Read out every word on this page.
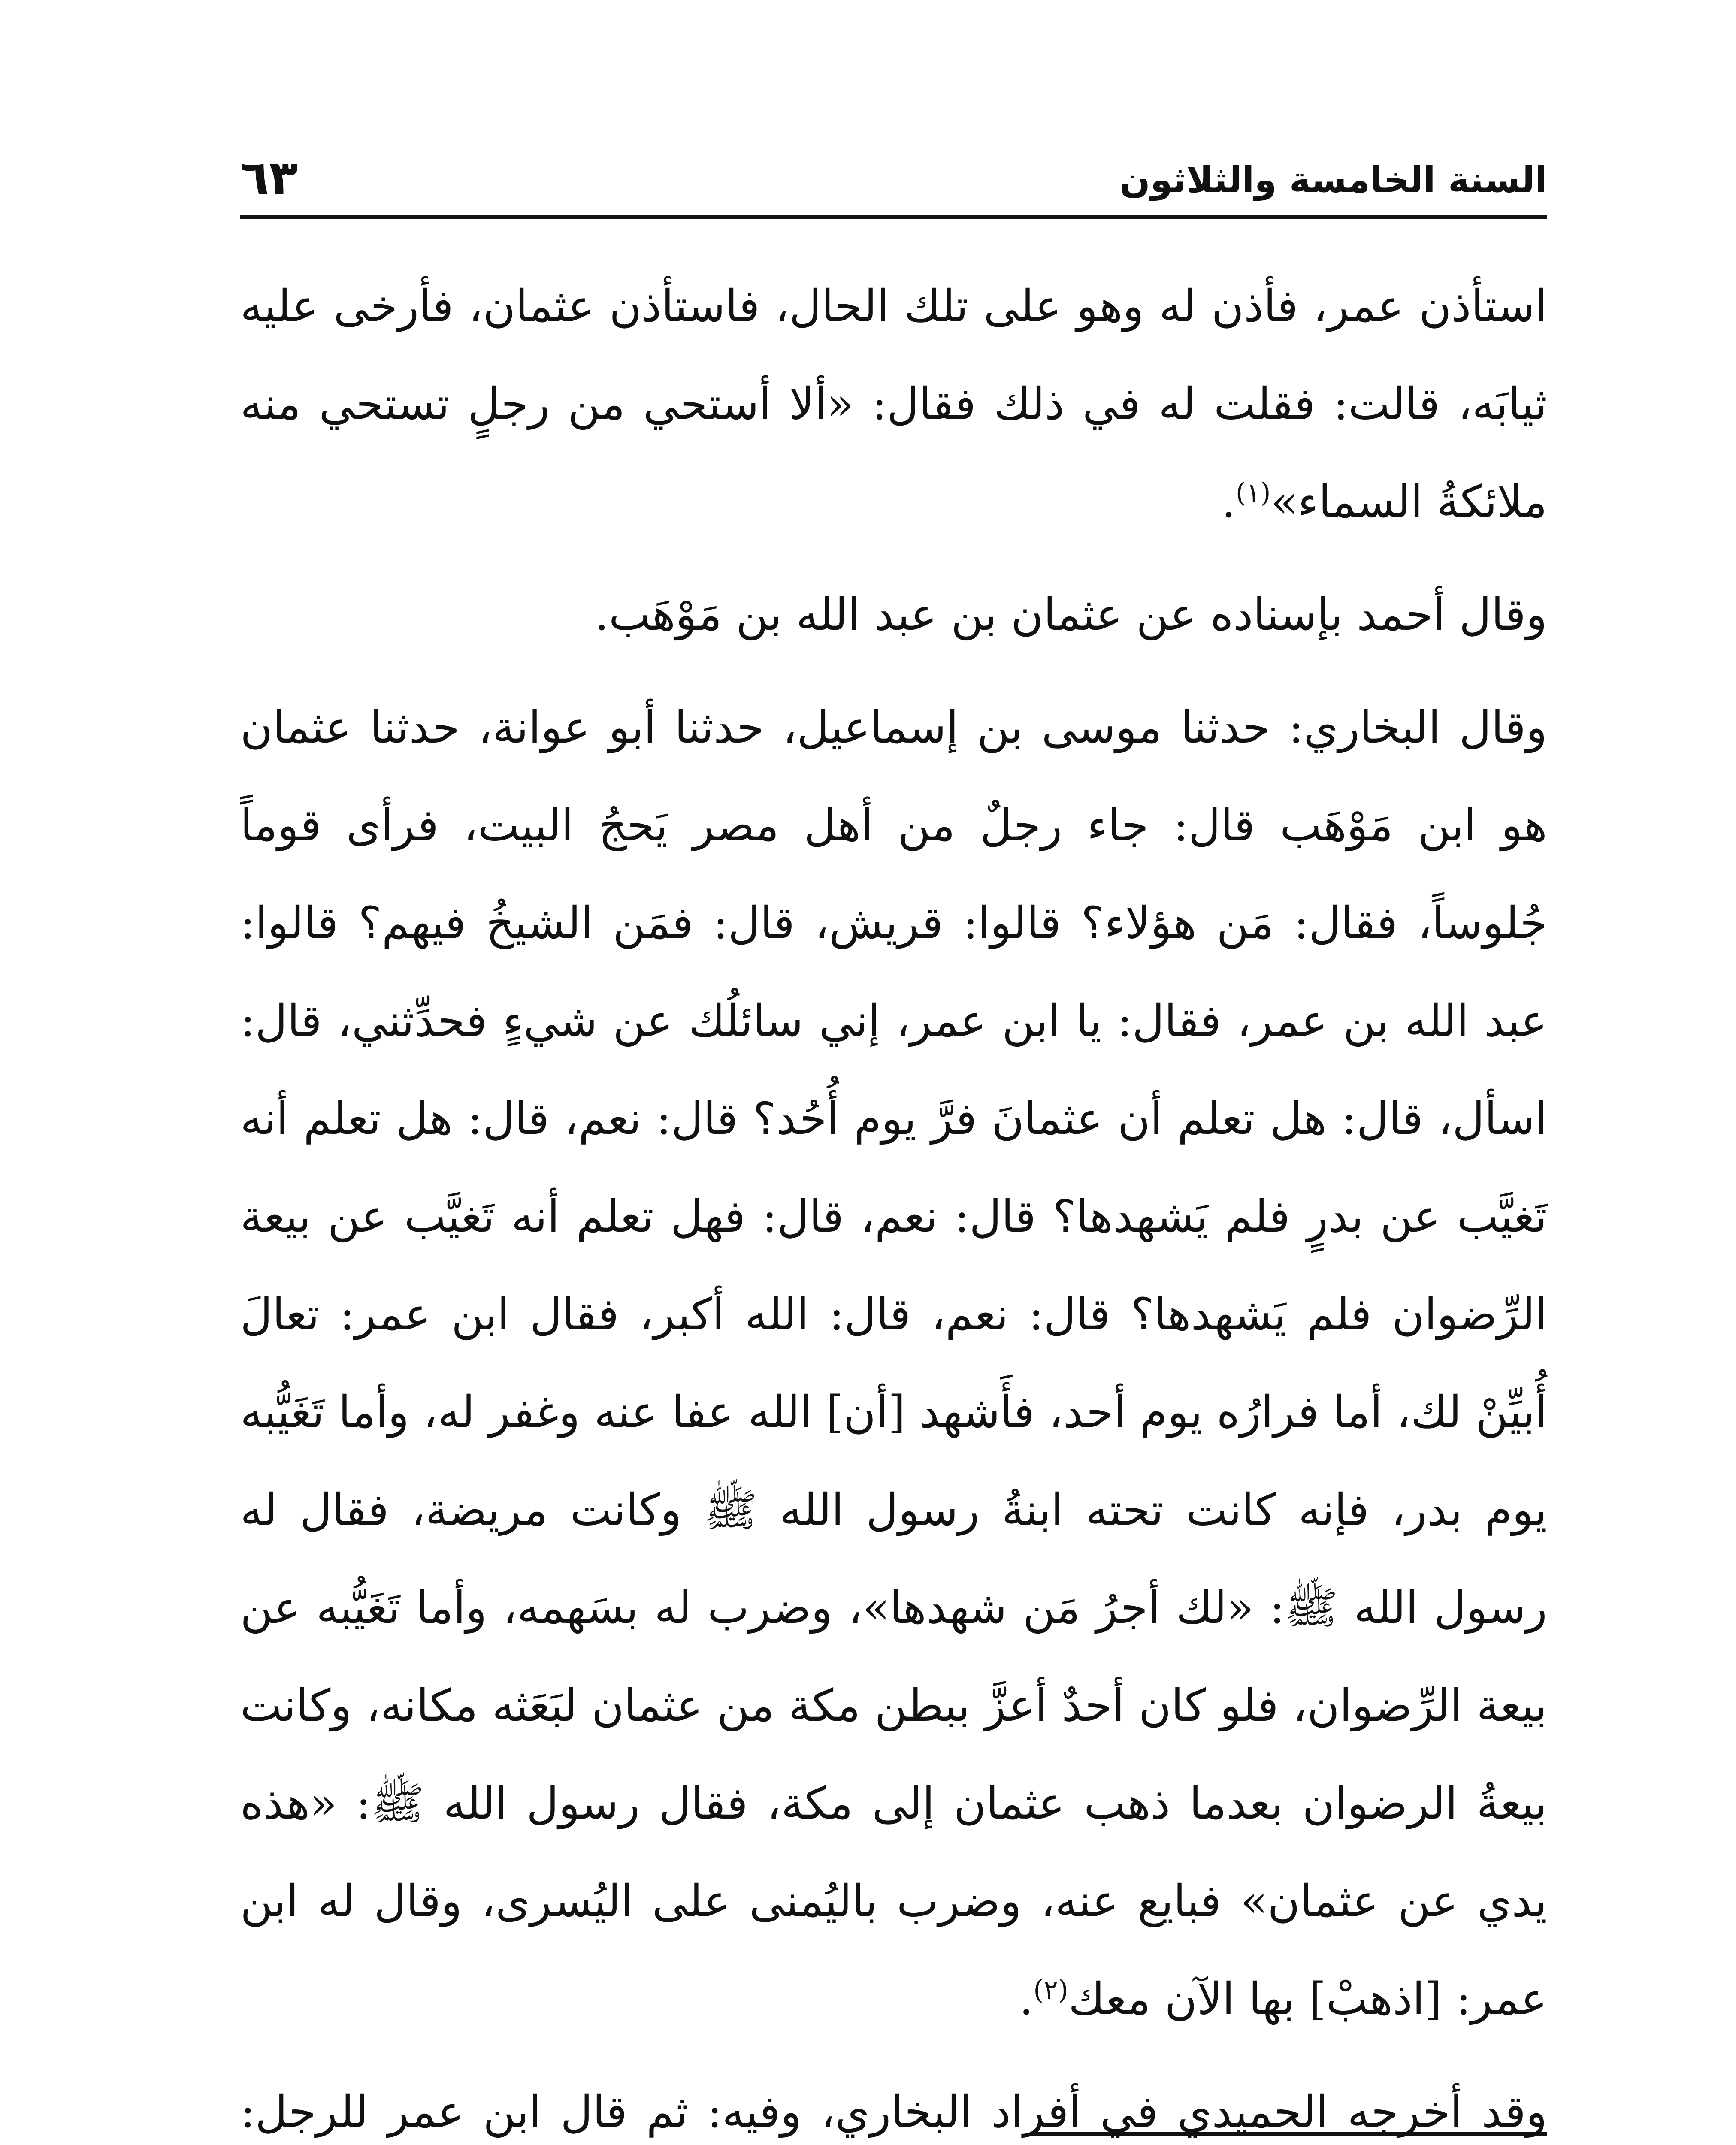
السنة الخامسة والثلاثون
٦٣

استأذن عمر، فأذن له وهو على تلك الحال، فاستأذن عثمان، فأرخى عليه ثيابَه، قالت: فقلت له في ذلك فقال: «ألا أستحي من رجلٍ تستحي منه ملائكةُ السماء»$^{(١)}$.

وقال أحمد بإسناده عن عثمان بن عبد الله بن مَوْهَب.

وقال البخاري: حدثنا موسى بن إسماعيل، حدثنا أبو عوانة، حدثنا عثمان هو ابن مَوْهَب قال: جاء رجلٌ من أهل مصر يَحجُ البيت، فرأى قوماً جُلوساً، فقال: مَن هؤلاء؟ قالوا: قريش، قال: فمَن الشيخُ فيهم؟ قالوا: عبد الله بن عمر، فقال: يا ابن عمر، إني سائلُك عن شيءٍ فحدِّثني، قال: اسأل، قال: هل تعلم أن عثمانَ فرَّ يوم أُحُد؟ قال: نعم، قال: هل تعلم أنه تَغيَّب عن بدرٍ فلم يَشهدها؟ قال: نعم، قال: فهل تعلم أنه تَغيَّب عن بيعة الرِّضوان فلم يَشهدها؟ قال: نعم، قال: الله أكبر، فقال ابن عمر: تعالَ أُبيِّنْ لك، أما فرارُه يوم أحد، فأَشهد [أن] الله عفا عنه وغفر له، وأما تَغَيُّبه يوم بدر، فإنه كانت تحته ابنةُ رسول الله ﷺ وكانت مريضة، فقال له رسول الله ﷺ: «لك أجرُ مَن شهدها»، وضرب له بسَهمه، وأما تَغَيُّبه عن بيعة الرِّضوان، فلو كان أحدٌ أعزَّ ببطن مكة من عثمان لبَعَثه مكانه، وكانت بيعةُ الرضوان بعدما ذهب عثمان إلى مكة، فقال رسول الله ﷺ: «هذه يدي عن عثمان» فبايع عنه، وضرب باليُمنى على اليُسرى، وقال له ابن عمر: [اذهبْ] بها الآن معك$^{(٢)}$.

وقد أخرجه الحميدي في أفراد البخاري، وفيه: ثم قال ابن عمر للرجل:
